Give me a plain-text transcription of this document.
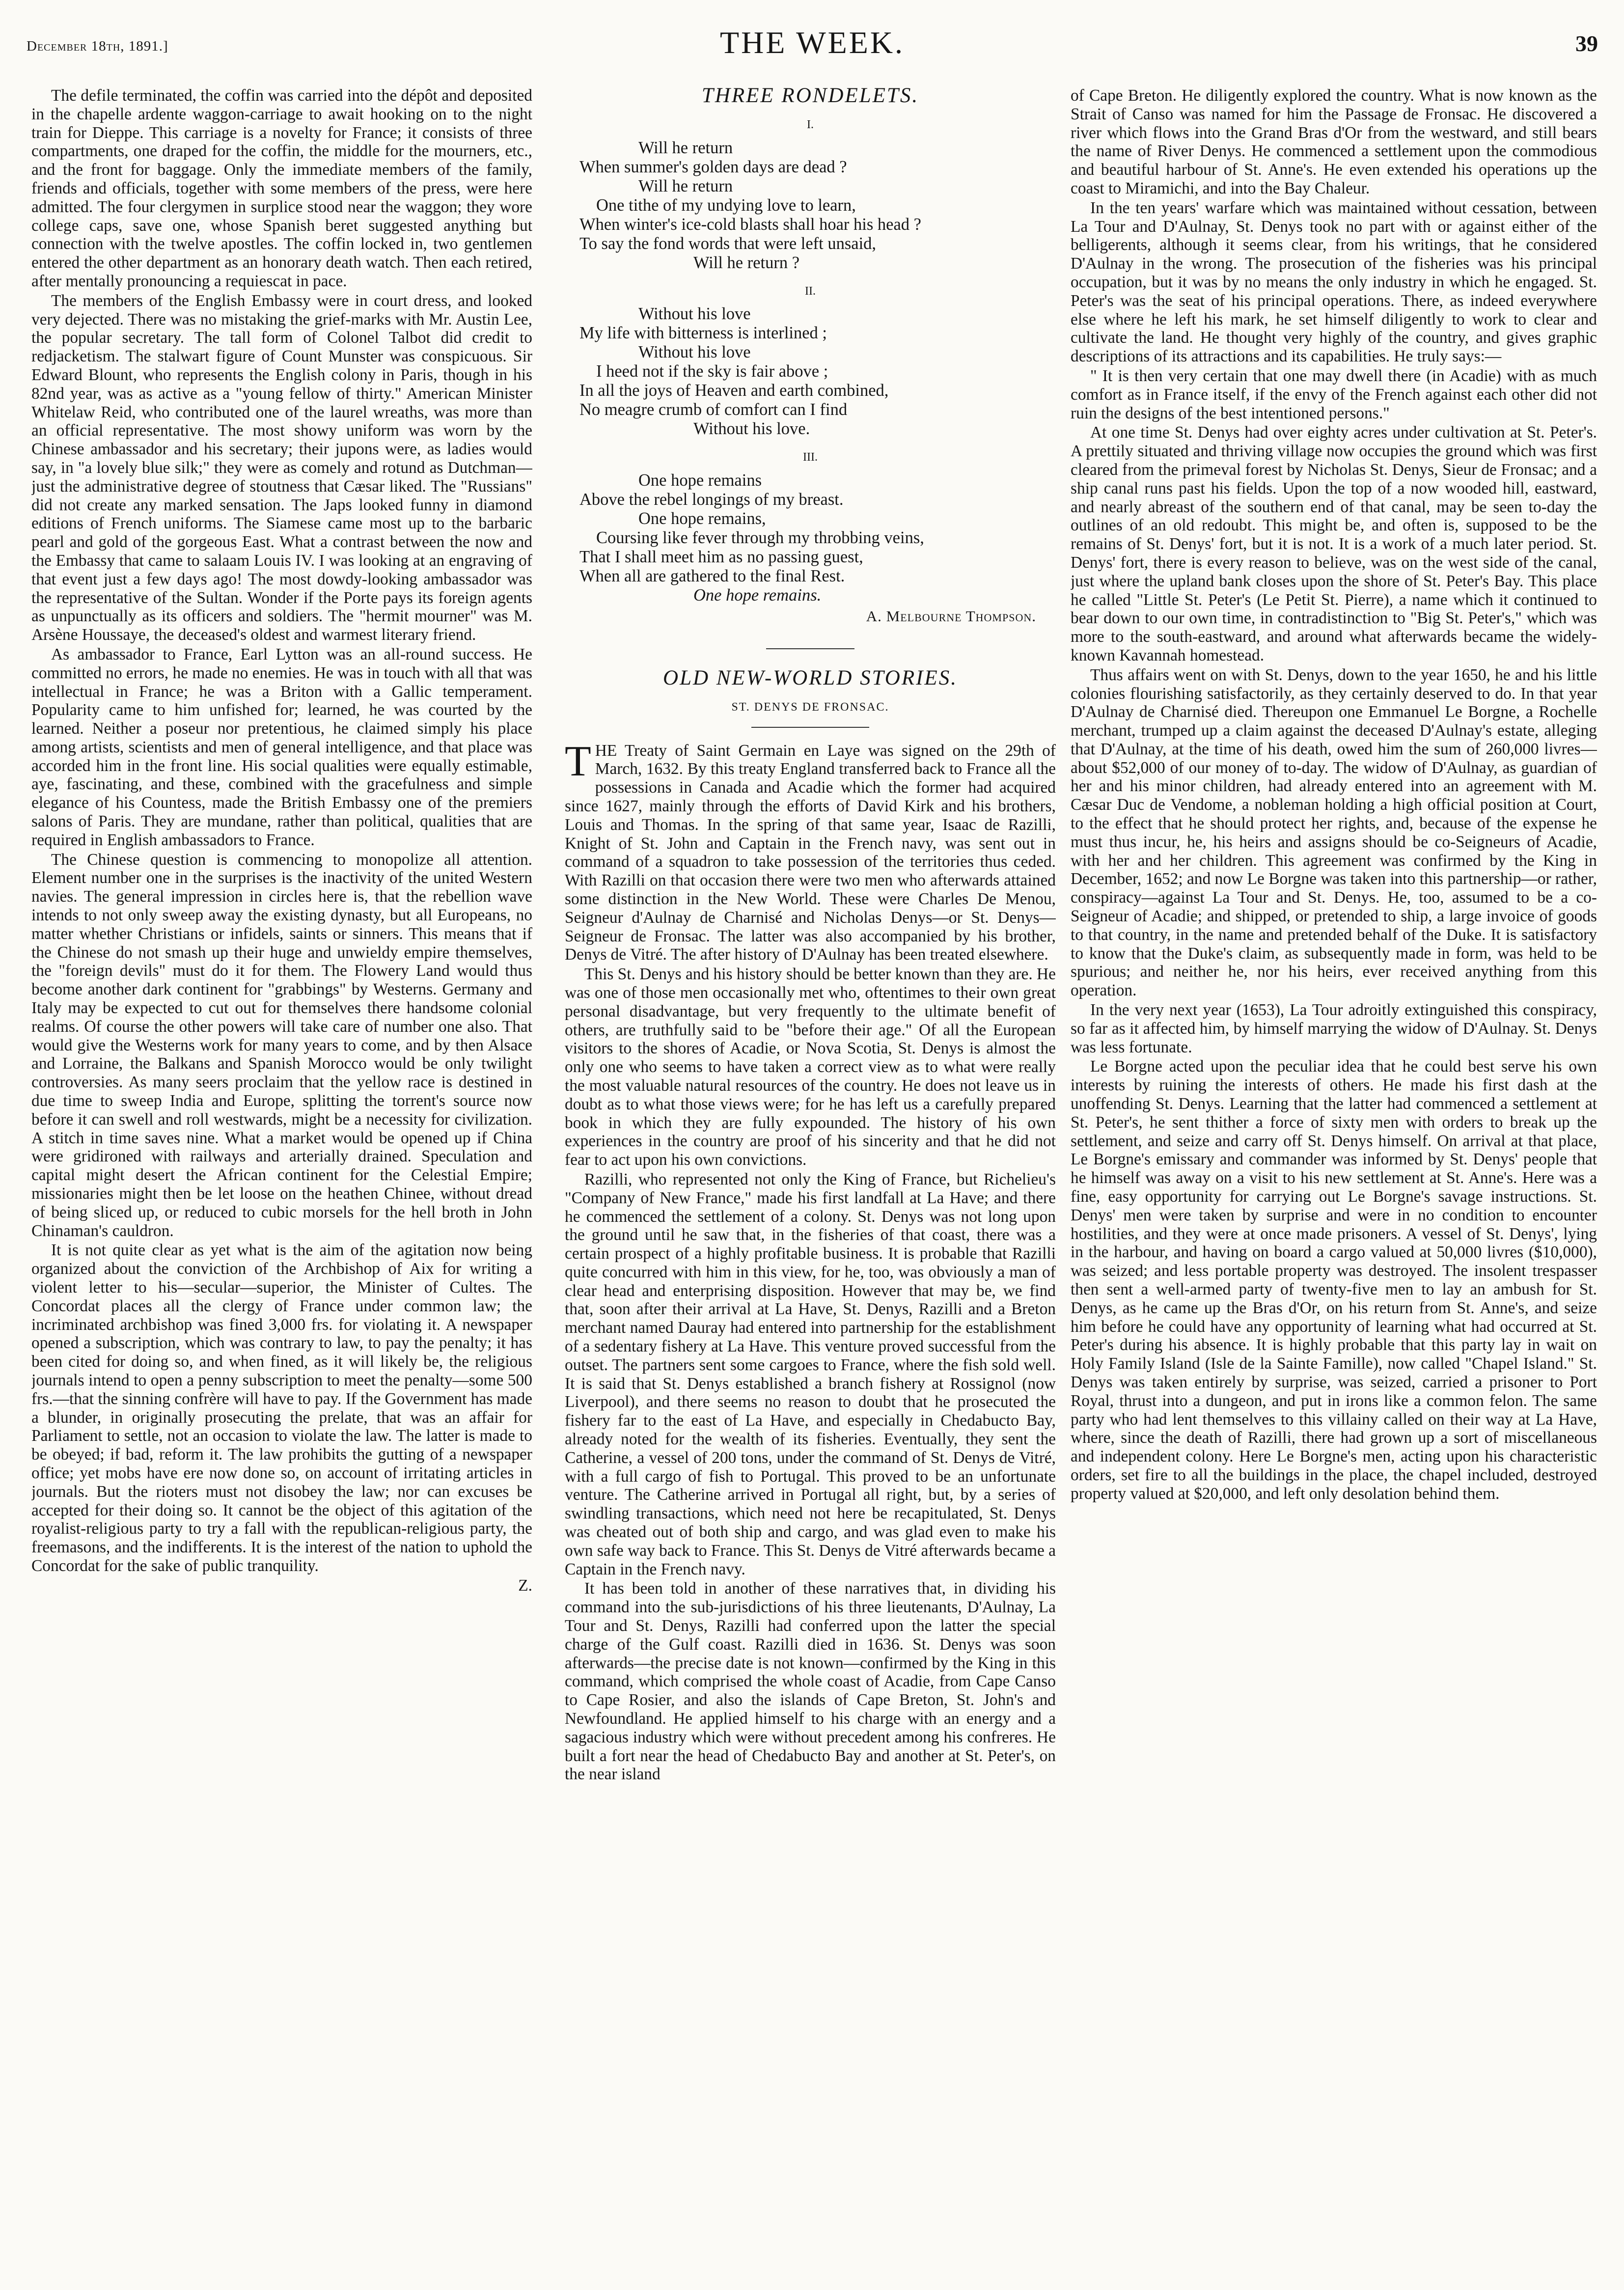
December 18th, 1891.]	THE WEEK.	39

The defile terminated, the coffin was carried into the dépôt and deposited in the chapelle ardente waggon-carriage to await hooking on to the night train for Dieppe. This carriage is a novelty for France; it consists of three compartments, one draped for the coffin, the middle for the mourners, etc., and the front for baggage. Only the immediate members of the family, friends and officials, together with some members of the press, were here admitted. The four clergymen in surplice stood near the waggon; they wore college caps, save one, whose Spanish beret suggested anything but connection with the twelve apostles. The coffin locked in, two gentlemen entered the other department as an honorary death watch. Then each retired, after mentally pronouncing a requiescat in pace.

The members of the English Embassy were in court dress, and looked very dejected. There was no mistaking the grief-marks with Mr. Austin Lee, the popular secretary. The tall form of Colonel Talbot did credit to redjacketism. The stalwart figure of Count Munster was conspicuous. Sir Edward Blount, who represents the English colony in Paris, though in his 82nd year, was as active as a "young fellow of thirty." American Minister Whitelaw Reid, who contributed one of the laurel wreaths, was more than an official representative. The most showy uniform was worn by the Chinese ambassador and his secretary; their jupons were, as ladies would say, in "a lovely blue silk;" they were as comely and rotund as Dutchman—just the administrative degree of stoutness that Cæsar liked. The "Russians" did not create any marked sensation. The Japs looked funny in diamond editions of French uniforms. The Siamese came most up to the barbaric pearl and gold of the gorgeous East. What a contrast between the now and the Embassy that came to salaam Louis IV. I was looking at an engraving of that event just a few days ago! The most dowdy-looking ambassador was the representative of the Sultan. Wonder if the Porte pays its foreign agents as unpunctually as its officers and soldiers. The "hermit mourner" was M. Arsène Houssaye, the deceased's oldest and warmest literary friend.

As ambassador to France, Earl Lytton was an all-round success. He committed no errors, he made no enemies. He was in touch with all that was intellectual in France; he was a Briton with a Gallic temperament. Popularity came to him unfished for; learned, he was courted by the learned. Neither a poseur nor pretentious, he claimed simply his place among artists, scientists and men of general intelligence, and that place was accorded him in the front line. His social qualities were equally estimable, aye, fascinating, and these, combined with the gracefulness and simple elegance of his Countess, made the British Embassy one of the premiers salons of Paris. They are mundane, rather than political, qualities that are required in English ambassadors to France.

The Chinese question is commencing to monopolize all attention. Element number one in the surprises is the inactivity of the united Western navies. The general impression in circles here is, that the rebellion wave intends to not only sweep away the existing dynasty, but all Europeans, no matter whether Christians or infidels, saints or sinners. This means that if the Chinese do not smash up their huge and unwieldy empire themselves, the "foreign devils" must do it for them. The Flowery Land would thus become another dark continent for "grabbings" by Westerns. Germany and Italy may be expected to cut out for themselves there handsome colonial realms. Of course the other powers will take care of number one also. That would give the Westerns work for many years to come, and by then Alsace and Lorraine, the Balkans and Spanish Morocco would be only twilight controversies. As many seers proclaim that the yellow race is destined in due time to sweep India and Europe, splitting the torrent's source now before it can swell and roll westwards, might be a necessity for civilization. A stitch in time saves nine. What a market would be opened up if China were gridironed with railways and arterially drained. Speculation and capital might desert the African continent for the Celestial Empire; missionaries might then be let loose on the heathen Chinee, without dread of being sliced up, or reduced to cubic morsels for the hell broth in John Chinaman's cauldron.

It is not quite clear as yet what is the aim of the agitation now being organized about the conviction of the Archbishop of Aix for writing a violent letter to his—secular—superior, the Minister of Cultes. The Concordat places all the clergy of France under common law; the incriminated archbishop was fined 3,000 frs. for violating it. A newspaper opened a subscription, which was contrary to law, to pay the penalty; it has been cited for doing so, and when fined, as it will likely be, the religious journals intend to open a penny subscription to meet the penalty—some 500 frs.—that the sinning confrère will have to pay. If the Government has made a blunder, in originally prosecuting the prelate, that was an affair for Parliament to settle, not an occasion to violate the law. The latter is made to be obeyed; if bad, reform it. The law prohibits the gutting of a newspaper office; yet mobs have ere now done so, on account of irritating articles in journals. But the rioters must not disobey the law; nor can excuses be accepted for their doing so. It cannot be the object of this agitation of the royalist-religious party to try a fall with the republican-religious party, the freemasons, and the indifferents. It is the interest of the nation to uphold the Concordat for the sake of public tranquility.

Z.

THREE RONDELETS.
I.
Will he return
When summer's golden days are dead ?
Will he return
One tithe of my undying love to learn,
When winter's ice-cold blasts shall hoar his head ?
To say the fond words that were left unsaid,
Will he return ?
II.
Without his love
My life with bitterness is interlined ;
Without his love
I heed not if the sky is fair above ;
In all the joys of Heaven and earth combined,
No meagre crumb of comfort can I find
Without his love.
III.
One hope remains
Above the rebel longings of my breast.
One hope remains,
Coursing like fever through my throbbing veins,
That I shall meet him as no passing guest,
When all are gathered to the final Rest.
One hope remains.
A. Melbourne Thompson.
OLD NEW-WORLD STORIES.
ST. DENYS DE FRONSAC.

THE Treaty of Saint Germain en Laye was signed on the 29th of March, 1632. By this treaty England transferred back to France all the possessions in Canada and Acadie which the former had acquired since 1627, mainly through the efforts of David Kirk and his brothers, Louis and Thomas. In the spring of that same year, Isaac de Razilli, Knight of St. John and Captain in the French navy, was sent out in command of a squadron to take possession of the territories thus ceded. With Razilli on that occasion there were two men who afterwards attained some distinction in the New World. These were Charles De Menou, Seigneur d'Aulnay de Charnisé and Nicholas Denys—or St. Denys—Seigneur de Fronsac. The latter was also accompanied by his brother, Denys de Vitré. The after history of D'Aulnay has been treated elsewhere.

This St. Denys and his history should be better known than they are. He was one of those men occasionally met who, oftentimes to their own great personal disadvantage, but very frequently to the ultimate benefit of others, are truthfully said to be "before their age." Of all the European visitors to the shores of Acadie, or Nova Scotia, St. Denys is almost the only one who seems to have taken a correct view as to what were really the most valuable natural resources of the country. He does not leave us in doubt as to what those views were; for he has left us a carefully prepared book in which they are fully expounded. The history of his own experiences in the country are proof of his sincerity and that he did not fear to act upon his own convictions.

Razilli, who represented not only the King of France, but Richelieu's "Company of New France," made his first landfall at La Have; and there he commenced the settlement of a colony. St. Denys was not long upon the ground until he saw that, in the fisheries of that coast, there was a certain prospect of a highly profitable business. It is probable that Razilli quite concurred with him in this view, for he, too, was obviously a man of clear head and enterprising disposition. However that may be, we find that, soon after their arrival at La Have, St. Denys, Razilli and a Breton merchant named Dauray had entered into partnership for the establishment of a sedentary fishery at La Have. This venture proved successful from the outset. The partners sent some cargoes to France, where the fish sold well. It is said that St. Denys established a branch fishery at Rossignol (now Liverpool), and there seems no reason to doubt that he prosecuted the fishery far to the east of La Have, and especially in Chedabucto Bay, already noted for the wealth of its fisheries. Eventually, they sent the Catherine, a vessel of 200 tons, under the command of St. Denys de Vitré, with a full cargo of fish to Portugal. This proved to be an unfortunate venture. The Catherine arrived in Portugal all right, but, by a series of swindling transactions, which need not here be recapitulated, St. Denys was cheated out of both ship and cargo, and was glad even to make his own safe way back to France. This St. Denys de Vitré afterwards became a Captain in the French navy.

It has been told in another of these narratives that, in dividing his command into the sub-jurisdictions of his three lieutenants, D'Aulnay, La Tour and St. Denys, Razilli had conferred upon the latter the special charge of the Gulf coast. Razilli died in 1636. St. Denys was soon afterwards—the precise date is not known—confirmed by the King in this command, which comprised the whole coast of Acadie, from Cape Canso to Cape Rosier, and also the islands of Cape Breton, St. John's and Newfoundland. He applied himself to his charge with an energy and a sagacious industry which were without precedent among his confreres. He built a fort near the head of Chedabucto Bay and another at St. Peter's, on the near island

of Cape Breton. He diligently explored the country. What is now known as the Strait of Canso was named for him the Passage de Fronsac. He discovered a river which flows into the Grand Bras d'Or from the westward, and still bears the name of River Denys. He commenced a settlement upon the commodious and beautiful harbour of St. Anne's. He even extended his operations up the coast to Miramichi, and into the Bay Chaleur.

In the ten years' warfare which was maintained without cessation, between La Tour and D'Aulnay, St. Denys took no part with or against either of the belligerents, although it seems clear, from his writings, that he considered D'Aulnay in the wrong. The prosecution of the fisheries was his principal occupation, but it was by no means the only industry in which he engaged. St. Peter's was the seat of his principal operations. There, as indeed everywhere else where he left his mark, he set himself diligently to work to clear and cultivate the land. He thought very highly of the country, and gives graphic descriptions of its attractions and its capabilities. He truly says:—

" It is then very certain that one may dwell there (in Acadie) with as much comfort as in France itself, if the envy of the French against each other did not ruin the designs of the best intentioned persons."

At one time St. Denys had over eighty acres under cultivation at St. Peter's. A prettily situated and thriving village now occupies the ground which was first cleared from the primeval forest by Nicholas St. Denys, Sieur de Fronsac; and a ship canal runs past his fields. Upon the top of a now wooded hill, eastward, and nearly abreast of the southern end of that canal, may be seen to-day the outlines of an old redoubt. This might be, and often is, supposed to be the remains of St. Denys' fort, but it is not. It is a work of a much later period. St. Denys' fort, there is every reason to believe, was on the west side of the canal, just where the upland bank closes upon the shore of St. Peter's Bay. This place he called "Little St. Peter's (Le Petit St. Pierre), a name which it continued to bear down to our own time, in contradistinction to "Big St. Peter's," which was more to the south-eastward, and around what afterwards became the widely-known Kavannah homestead.

Thus affairs went on with St. Denys, down to the year 1650, he and his little colonies flourishing satisfactorily, as they certainly deserved to do. In that year D'Aulnay de Charnisé died. Thereupon one Emmanuel Le Borgne, a Rochelle merchant, trumped up a claim against the deceased D'Aulnay's estate, alleging that D'Aulnay, at the time of his death, owed him the sum of 260,000 livres—about $52,000 of our money of to-day. The widow of D'Aulnay, as guardian of her and his minor children, had already entered into an agreement with M. Cæsar Duc de Vendome, a nobleman holding a high official position at Court, to the effect that he should protect her rights, and, because of the expense he must thus incur, he, his heirs and assigns should be co-Seigneurs of Acadie, with her and her children. This agreement was confirmed by the King in December, 1652; and now Le Borgne was taken into this partnership—or rather, conspiracy—against La Tour and St. Denys. He, too, assumed to be a co-Seigneur of Acadie; and shipped, or pretended to ship, a large invoice of goods to that country, in the name and pretended behalf of the Duke. It is satisfactory to know that the Duke's claim, as subsequently made in form, was held to be spurious; and neither he, nor his heirs, ever received anything from this operation.

In the very next year (1653), La Tour adroitly extinguished this conspiracy, so far as it affected him, by himself marrying the widow of D'Aulnay. St. Denys was less fortunate.

Le Borgne acted upon the peculiar idea that he could best serve his own interests by ruining the interests of others. He made his first dash at the unoffending St. Denys. Learning that the latter had commenced a settlement at St. Peter's, he sent thither a force of sixty men with orders to break up the settlement, and seize and carry off St. Denys himself. On arrival at that place, Le Borgne's emissary and commander was informed by St. Denys' people that he himself was away on a visit to his new settlement at St. Anne's. Here was a fine, easy opportunity for carrying out Le Borgne's savage instructions. St. Denys' men were taken by surprise and were in no condition to encounter hostilities, and they were at once made prisoners. A vessel of St. Denys', lying in the harbour, and having on board a cargo valued at 50,000 livres ($10,000), was seized; and less portable property was destroyed. The insolent trespasser then sent a well-armed party of twenty-five men to lay an ambush for St. Denys, as he came up the Bras d'Or, on his return from St. Anne's, and seize him before he could have any opportunity of learning what had occurred at St. Peter's during his absence. It is highly probable that this party lay in wait on Holy Family Island (Isle de la Sainte Famille), now called "Chapel Island." St. Denys was taken entirely by surprise, was seized, carried a prisoner to Port Royal, thrust into a dungeon, and put in irons like a common felon. The same party who had lent themselves to this villainy called on their way at La Have, where, since the death of Razilli, there had grown up a sort of miscellaneous and independent colony. Here Le Borgne's men, acting upon his characteristic orders, set fire to all the buildings in the place, the chapel included, destroyed property valued at $20,000, and left only desolation behind them.
